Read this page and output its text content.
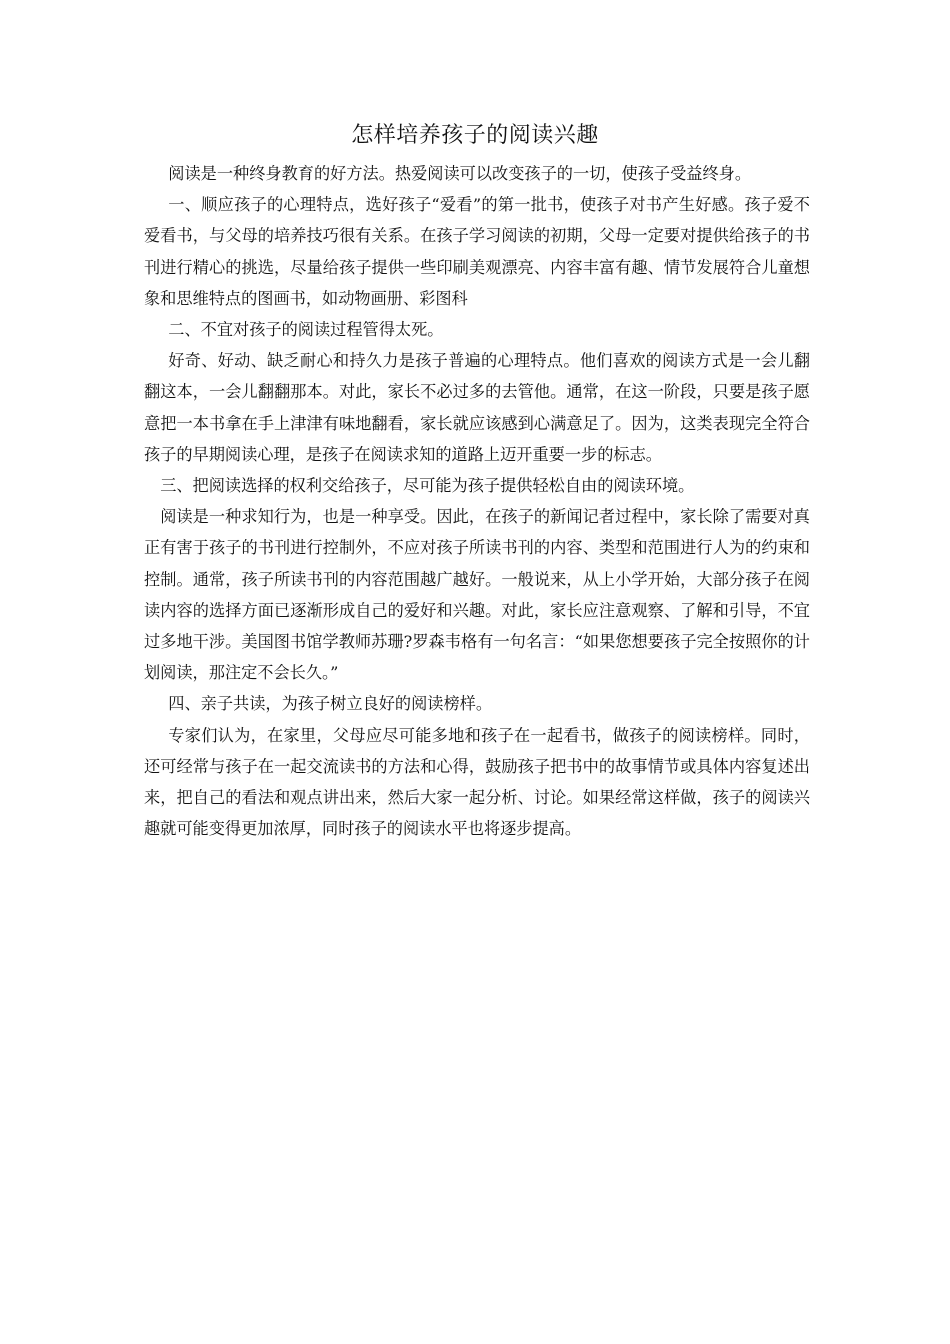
怎样培养孩子的阅读兴趣

阅读是一种终身教育的好方法。热爱阅读可以改变孩子的一切，使孩子受益终身。

一、顺应孩子的心理特点，选好孩子“爱看”的第一批书，使孩子对书产生好感。孩子爱不爱看书，与父母的培养技巧很有关系。在孩子学习阅读的初期，父母一定要对提供给孩子的书刊进行精心的挑选，尽量给孩子提供一些印刷美观漂亮、内容丰富有趣、情节发展符合儿童想象和思维特点的图画书，如动物画册、彩图科

二、不宜对孩子的阅读过程管得太死。

好奇、好动、缺乏耐心和持久力是孩子普遍的心理特点。他们喜欢的阅读方式是一会儿翻翻这本，一会儿翻翻那本。对此，家长不必过多的去管他。通常，在这一阶段，只要是孩子愿意把一本书拿在手上津津有味地翻看，家长就应该感到心满意足了。因为，这类表现完全符合孩子的早期阅读心理，是孩子在阅读求知的道路上迈开重要一步的标志。

三、把阅读选择的权利交给孩子，尽可能为孩子提供轻松自由的阅读环境。

阅读是一种求知行为，也是一种享受。因此，在孩子的新闻记者过程中，家长除了需要对真正有害于孩子的书刊进行控制外，不应对孩子所读书刊的内容、类型和范围进行人为的约束和控制。通常，孩子所读书刊的内容范围越广越好。一般说来，从上小学开始，大部分孩子在阅读内容的选择方面已逐渐形成自己的爱好和兴趣。对此，家长应注意观察、了解和引导，不宜过多地干涉。美国图书馆学教师苏珊?罗森韦格有一句名言：“如果您想要孩子完全按照你的计划阅读，那注定不会长久。”

四、亲子共读，为孩子树立良好的阅读榜样。

专家们认为，在家里，父母应尽可能多地和孩子在一起看书，做孩子的阅读榜样。同时，还可经常与孩子在一起交流读书的方法和心得，鼓励孩子把书中的故事情节或具体内容复述出来，把自己的看法和观点讲出来，然后大家一起分析、讨论。如果经常这样做，孩子的阅读兴趣就可能变得更加浓厚，同时孩子的阅读水平也将逐步提高。
